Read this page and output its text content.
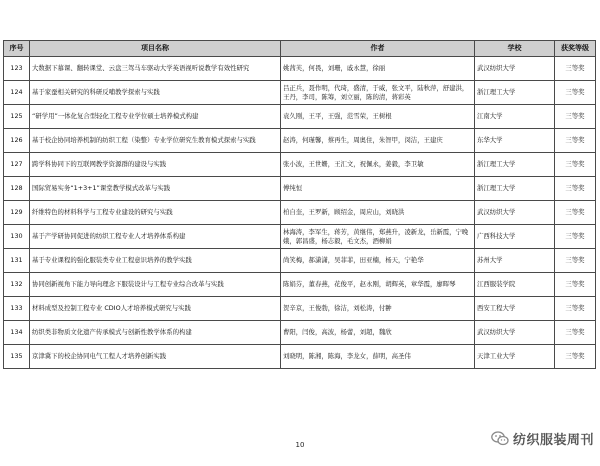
序号	项目名称	作者	学校	获奖等级
123	大数据下慕课、翻转课堂、云盘三驾马车驱动大学英语视听说教学有效性研究	姚茜芙，何畏，刘珊，戚永慧，徐丽	武汉纺织大学	三等奖
124	基于家蚕相关研究的科研反哺教学探索与实践	吕正兵，聂作明，代琦，盛清，于威，张文平，陆秋萍，舒建洪，王丹，李司，陈筹，刘立丽，陈的清，蒋彩英	浙江理工大学	三等奖
125	“研学用”一体化复合型轻化工程专业学位硕士培养模式构建	袁久刚，王平，王强，范雪荣，王树根	江南大学	三等奖
126	基于校企协同培养机制的纺织工程（染整）专业学位研究生教育模式探索与实践	赵涛，何瑾馨，蔡再生，周奥住，朱智甲，闵洁，王建庆	东华大学	三等奖
127	跨学科协同下的互联网教学资源群的建设与实践	张小波，王世姗，王汇文，祝佩永，姜毅，李卫敏	浙江理工大学	三等奖
128	国际贸易实务“1+3+1”课堂教学模式改革与实践	傅纯恒	浙江理工大学	三等奖
129	纤维特色的材料科学与工程专业建设的研究与实践	柏自奎，王罗新，顾绍金，周应山，刘晓洪	武汉纺织大学	三等奖
130	基于产学研协同促进的纺织工程专业人才培养体系构建	林海涛，李军生，蒋芳，黄继伟，郑燕升，凌新龙，岳新霞，宁晚娥，郭昌盛，杨志毅，毛文杰，酒柳娟	广西科技大学	三等奖
131	基于专业课程的强化服装类专业工程意识培养的教学实践	尚笑梅，郝潇潇，吴菲菲，田亚楠，杨天，宁艳华	苏州大学	三等奖
132	协同创新视角下能力导向理念下服装设计与工程专业综合改革与实践	陈娟芬，董春燕，花俊平，赵永刚，胡辉英，章华霞，廖晖琴	江西服装学院	三等奖
133	材料成型及控制工程专业 CDIO人才培养模式研究与实践	贺辛京，王俊勃，徐洁，刘松涛，付翀	西安工程大学	三等奖
134	纺织类非物质文化遗产传承模式与创新性教学体系的构建	曹阳，闫俊，高波，杨蕾，刘超，魏欣	武汉纺织大学	三等奖
135	京津冀下的校企协同电气工程人才培养创新实践	刘晓明，陈湘，陈海，李龙女，薛明，高圣伟	天津工业大学	三等奖
10	纺织服装周刊
